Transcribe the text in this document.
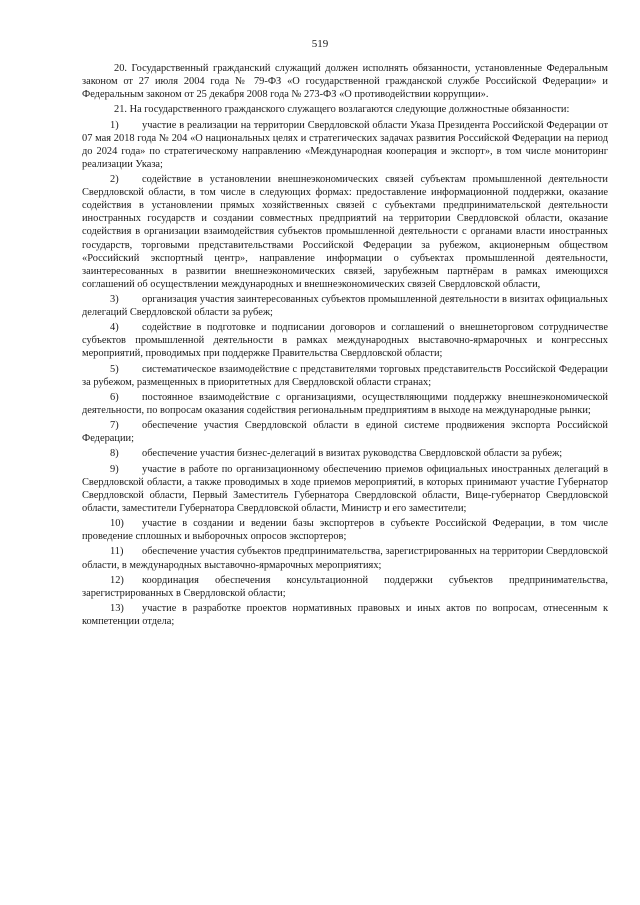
519

20. Государственный гражданский служащий должен исполнять обязанности, установленные Федеральным законом от 27 июля 2004 года № 79-ФЗ «О государственной гражданской службе Российской Федерации» и Федеральным законом от 25 декабря 2008 года № 273-ФЗ «О противодействии коррупции».

21. На государственного гражданского служащего возлагаются следующие должностные обязанности:

1) участие в реализации на территории Свердловской области Указа Президента Российской Федерации от 07 мая 2018 года № 204 «О национальных целях и стратегических задачах развития Российской Федерации на период до 2024 года» по стратегическому направлению «Международная кооперация и экспорт», в том числе мониторинг реализации Указа;

2) содействие в установлении внешнеэкономических связей субъектам промышленной деятельности Свердловской области, в том числе в следующих формах: предоставление информационной поддержки, оказание содействия в установлении прямых хозяйственных связей с субъектами предпринимательской деятельности иностранных государств и создании совместных предприятий на территории Свердловской области, оказание содействия в организации взаимодействия субъектов промышленной деятельности с органами власти иностранных государств, торговыми представительствами Российской Федерации за рубежом, акционерным обществом «Российский экспортный центр», направление информации о субъектах промышленной деятельности, заинтересованных в развитии внешнеэкономических связей, зарубежным партнёрам в рамках имеющихся соглашений об осуществлении международных и внешнеэкономических связей Свердловской области,

3) организация участия заинтересованных субъектов промышленной деятельности в визитах официальных делегаций Свердловской области за рубеж;

4) содействие в подготовке и подписании договоров и соглашений о внешнеторговом сотрудничестве субъектов промышленной деятельности в рамках международных выставочно-ярмарочных и конгрессных мероприятий, проводимых при поддержке Правительства Свердловской области;

5) систематическое взаимодействие с представителями торговых представительств Российской Федерации за рубежом, размещенных в приоритетных для Свердловской области странах;

6) постоянное взаимодействие с организациями, осуществляющими поддержку внешнеэкономической деятельности, по вопросам оказания содействия региональным предприятиям в выходе на международные рынки;

7) обеспечение участия Свердловской области в единой системе продвижения экспорта Российской Федерации;

8) обеспечение участия бизнес-делегаций в визитах руководства Свердловской области за рубеж;

9) участие в работе по организационному обеспечению приемов официальных иностранных делегаций в Свердловской области, а также проводимых в ходе приемов мероприятий, в которых принимают участие Губернатор Свердловской области, Первый Заместитель Губернатора Свердловской области, Вице-губернатор Свердловской области, заместители Губернатора Свердловской области, Министр и его заместители;

10) участие в создании и ведении базы экспортеров в субъекте Российской Федерации, в том числе проведение сплошных и выборочных опросов экспортеров;

11) обеспечение участия субъектов предпринимательства, зарегистрированных на территории Свердловской области, в международных выставочно-ярмарочных мероприятиях;

12) координация обеспечения консультационной поддержки субъектов предпринимательства, зарегистрированных в Свердловской области;

13) участие в разработке проектов нормативных правовых и иных актов по вопросам, отнесенным к компетенции отдела;
